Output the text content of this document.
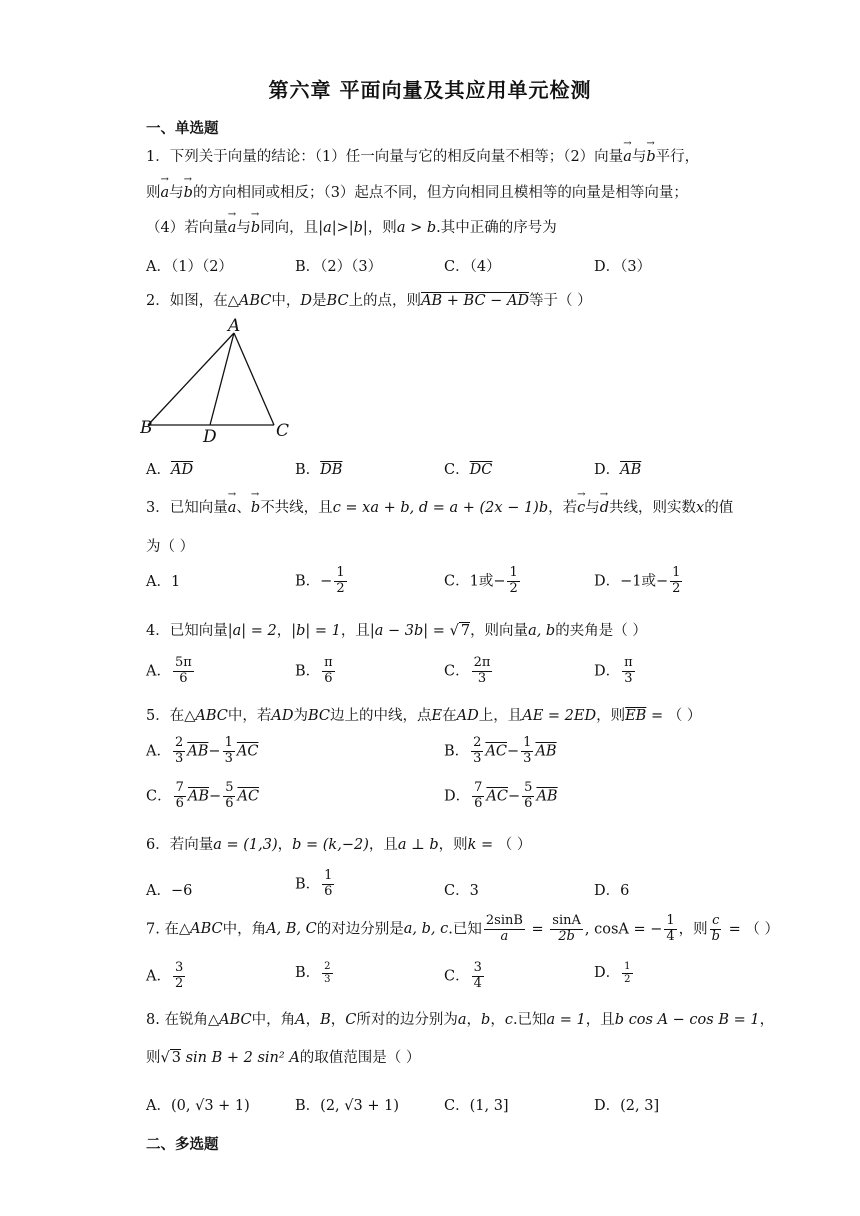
第六章 平面向量及其应用单元检测
一、单选题
1．下列关于向量的结论：（1）任一向量与它的相反向量不相等；（2）向量→ a与→ b平行，
则→ a与→ b的方向相同或相反；（3）起点不同，但方向相同且模相等的向量是相等向量；
（4）若向量→ a与→ b同向，且|a|>|b|，则a > b.其中正确的序号为
A．（1）（2）	B．（2）（3）	C．（4）	D．（3）
2．如图，在△ABC中，D是BC上的点，则AB + BC − AD等于（ ）
A
B	C
D
A．$\overline{AD}$	B．$\overline{DB}$	C．$\overline{DC}$	D．$\overline{AB}$
3．已知向量→ a、→ b不共线，且c = xa + b, d = a + (2x − 1)b，若→ c与→ d共线，则实数x的值
为（ ）
A．1	B．− $\frac{1}{2}$	C．1或− $\frac{1}{2}$	D．−1或− $\frac{1}{2}$
4．已知向量|a| = 2，|b| = 1，且|a − 3b| = √ 7，则向量a, b的夹角是（ ）
A． $\frac{5\pi}{6}$	B． $\frac{\pi}{6}$	C． $\frac{2\pi}{3}$	D． $\frac{\pi}{3}$
5．在△ABC中，若AD为BC边上的中线，点E在AD上，且AE = 2ED，则$\overline{EB}$ = （ ）
A． $\frac{2}{3} \overline{AB}- \frac{1}{3} \overline{AC}$	B． $\frac{2}{3} \overline{AC}- \frac{1}{3} \overline{AB}$
C． $\frac{7}{6} \overline{AB}- \frac{5}{6} \overline{AC}$	D． $\frac{7}{6} \overline{AC}- \frac{5}{6} \overline{AB}$
6．若向量a = (1,3)，b = (k,−2)，且a ⊥ b，则k = （ ）
A．−6	B． $\frac{1}{6}$	C．3	D．6
7. 在△ABC中，角A, B, C的对边分别是a, b, c.已知 $\frac{2\sin B}{a} = \frac{\sin A}{2b}$ , cosA = − $\frac{1}{4}$ ，则 $\frac{c}{b}$ = （ ）
A． $\frac{3}{2}$	B． $\frac{2}{3}$	C． $\frac{3}{4}$	D． $\frac{1}{2}$
8. 在锐角△ABC中，角A，B，C所对的边分别为a，b，c.已知a = 1，且b cos A − cos B = 1，
则√ 3 sin B + 2 sin² A的取值范围是（ ）
A．(0, √3 + 1)	B．(2, √3 + 1)	C．(1, 3]	D．(2, 3]
二、多选题
